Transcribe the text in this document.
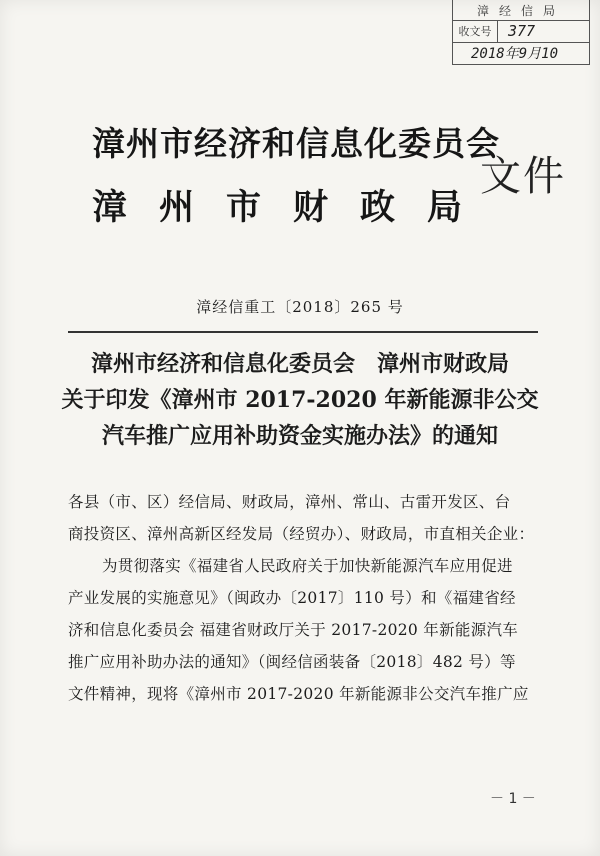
漳经信局
收文号	377
2018年9月10
漳州市经济和信息化委员会
漳州市财政局
文件
漳经信重工〔2018〕265 号
漳州市经济和信息化委员会　漳州市财政局
关于印发《漳州市 2017-2020 年新能源非公交
汽车推广应用补助资金实施办法》的通知
各县（市、区）经信局、财政局，漳州、常山、古雷开发区、台
商投资区、漳州高新区经发局（经贸办）、财政局，市直相关企业：
为贯彻落实《福建省人民政府关于加快新能源汽车应用促进
产业发展的实施意见》（闽政办〔2017〕110 号）和《福建省经
济和信息化委员会 福建省财政厅关于 2017-2020 年新能源汽车
推广应用补助办法的通知》（闽经信函装备〔2018〕482 号）等
文件精神，现将《漳州市 2017-2020 年新能源非公交汽车推广应
－ 1 －
